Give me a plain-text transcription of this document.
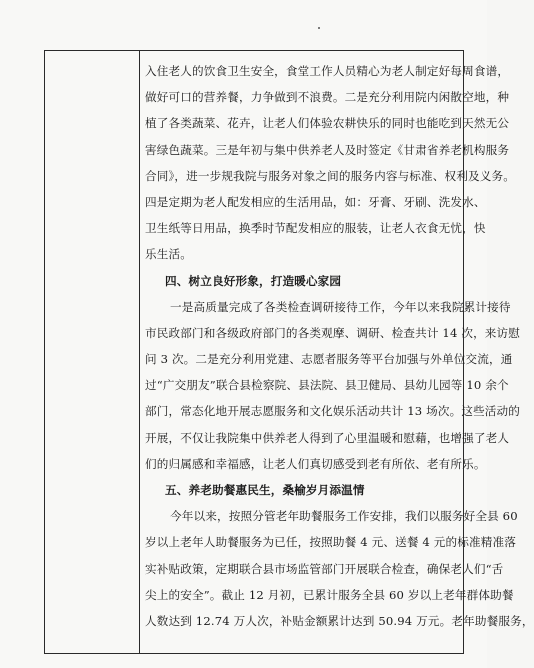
入住老人的饮食卫生安全，食堂工作人员精心为老人制定好每周食谱，
做好可口的营养餐，力争做到不浪费。二是充分利用院内闲散空地，种
植了各类蔬菜、花卉，让老人们体验农耕快乐的同时也能吃到天然无公
害绿色蔬菜。三是年初与集中供养老人及时签定《甘肃省养老机构服务
合同》，进一步规我院与服务对象之间的服务内容与标准、权利及义务。
四是定期为老人配发相应的生活用品，如：牙膏、牙刷、洗发水、
卫生纸等日用品，换季时节配发相应的服装，让老人衣食无忧，快
乐生活。
四、树立良好形象，打造暖心家园
一是高质量完成了各类检查调研接待工作，今年以来我院累计接待
市民政部门和各级政府部门的各类观摩、调研、检查共计 14 次，来访慰
问 3 次。二是充分利用党建、志愿者服务等平台加强与外单位交流，通
过“广交朋友”联合县检察院、县法院、县卫健局、县幼儿园等 10 余个
部门，常态化地开展志愿服务和文化娱乐活动共计 13 场次。这些活动的
开展，不仅让我院集中供养老人得到了心里温暖和慰藉，也增强了老人
们的归属感和幸福感，让老人们真切感受到老有所依、老有所乐。
五、养老助餐惠民生，桑榆岁月添温情
今年以来，按照分管老年助餐服务工作安排，我们以服务好全县 60
岁以上老年人助餐服务为已任，按照助餐 4 元、送餐 4 元的标准精准落
实补贴政策，定期联合县市场监管部门开展联合检查，确保老人们“舌
尖上的安全”。截止 12 月初，已累计服务全县 60 岁以上老年群体助餐
人数达到 12.74 万人次，补贴金额累计达到 50.94 万元。老年助餐服务，
